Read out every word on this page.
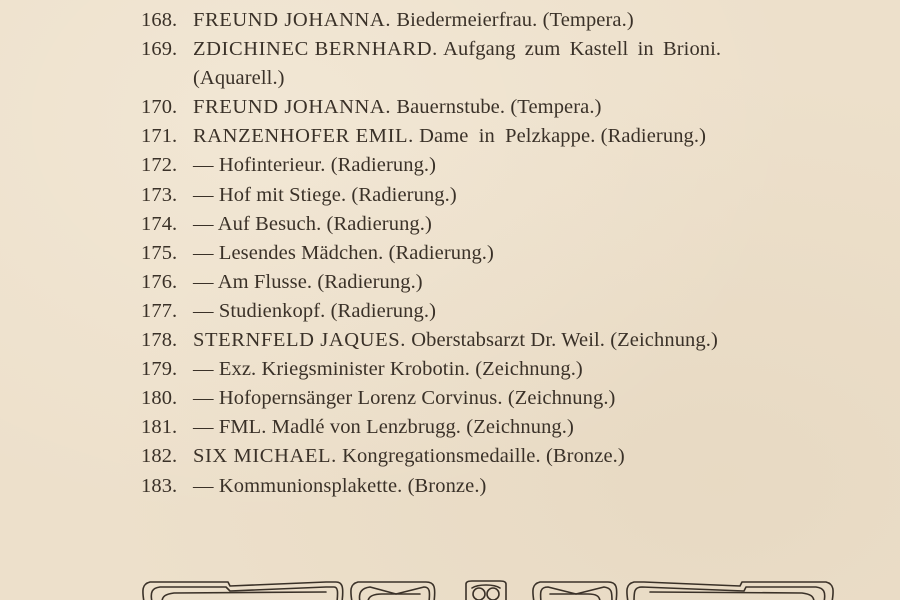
168. FREUND JOHANNA. Biedermeierfrau. (Tempera.)
169. ZDICHINEC BERNHARD. Aufgang zum Kastell in Brioni.
(Aquarell.)
170. FREUND JOHANNA. Bauernstube. (Tempera.)
171. RANZENHOFER EMIL. Dame in Pelzkappe. (Radierung.)
172. — Hofinterieur. (Radierung.)
173. — Hof mit Stiege. (Radierung.)
174. — Auf Besuch. (Radierung.)
175. — Lesendes Mädchen. (Radierung.)
176. — Am Flusse. (Radierung.)
177. — Studienkopf. (Radierung.)
178. STERNFELD JAQUES. Oberstabsarzt Dr. Weil. (Zeichnung.)
179. — Exz. Kriegsminister Krobotin. (Zeichnung.)
180. — Hofopernsänger Lorenz Corvinus. (Zeichnung.)
181. — FML. Madlé von Lenzbrugg. (Zeichnung.)
182. SIX MICHAEL. Kongregationsmedaille. (Bronze.)
183. — Kommunionsplakette. (Bronze.)
